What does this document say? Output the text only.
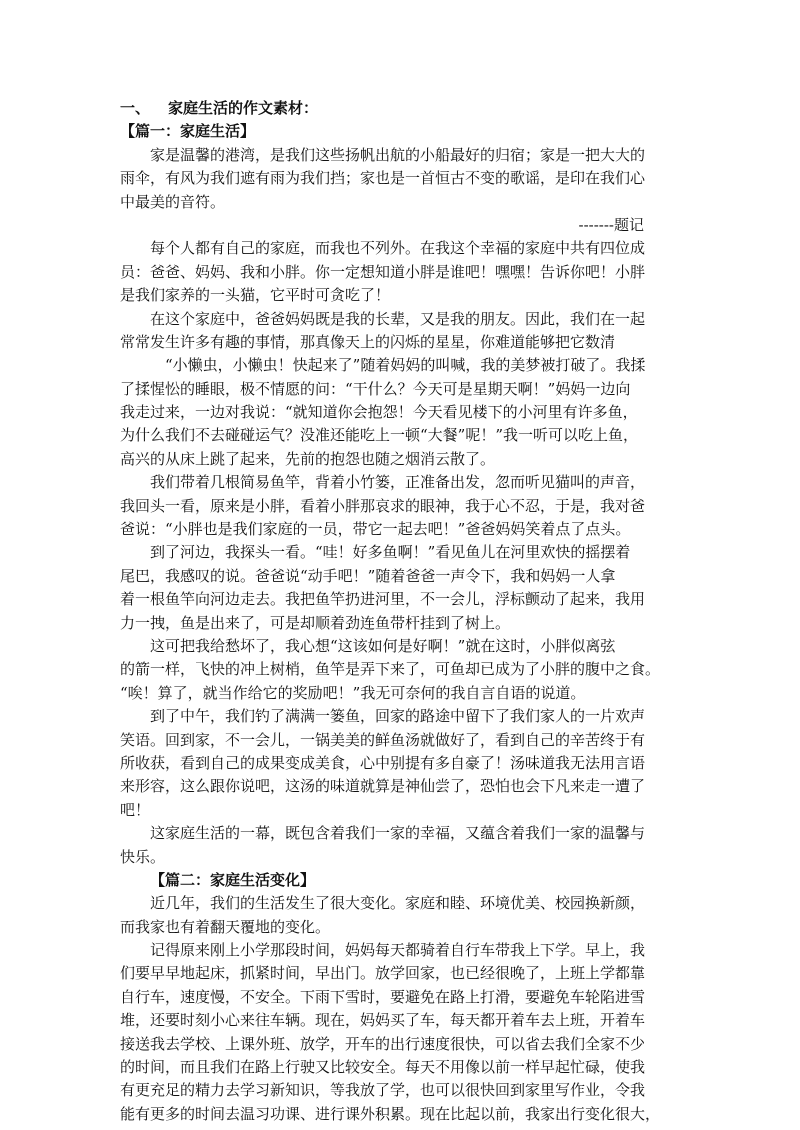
一、 家庭生活的作文素材：
【篇一：家庭生活】
家是温馨的港湾，是我们这些扬帆出航的小船最好的归宿；家是一把大大的
雨伞，有风为我们遮有雨为我们挡；家也是一首恒古不变的歌谣，是印在我们心
中最美的音符。
-------题记
每个人都有自己的家庭，而我也不列外。在我这个幸福的家庭中共有四位成
员：爸爸、妈妈、我和小胖。你一定想知道小胖是谁吧！嘿嘿！告诉你吧！小胖
是我们家养的一头猫，它平时可贪吃了！
在这个家庭中，爸爸妈妈既是我的长辈，又是我的朋友。因此，我们在一起
常常发生许多有趣的事情，那真像天上的闪烁的星星，你难道能够把它数清
“小懒虫，小懒虫！快起来了”随着妈妈的叫喊，我的美梦被打破了。我揉
了揉惺忪的睡眼，极不情愿的问：“干什么？今天可是星期天啊！”妈妈一边向
我走过来，一边对我说：“就知道你会抱怨！今天看见楼下的小河里有许多鱼，
为什么我们不去碰碰运气？没准还能吃上一顿“大餐”呢！”我一听可以吃上鱼，
高兴的从床上跳了起来，先前的抱怨也随之烟消云散了。
我们带着几根简易鱼竿，背着小竹篓，正准备出发，忽而听见猫叫的声音，
我回头一看，原来是小胖，看着小胖那哀求的眼神，我于心不忍，于是，我对爸
爸说：“小胖也是我们家庭的一员，带它一起去吧！”爸爸妈妈笑着点了点头。
到了河边，我探头一看。“哇！好多鱼啊！”看见鱼儿在河里欢快的摇摆着
尾巴，我感叹的说。爸爸说“动手吧！”随着爸爸一声令下，我和妈妈一人拿
着一根鱼竿向河边走去。我把鱼竿扔进河里，不一会儿，浮标颤动了起来，我用
力一拽，鱼是出来了，可是却顺着劲连鱼带杆挂到了树上。
这可把我给愁坏了，我心想“这该如何是好啊！”就在这时，小胖似离弦
的箭一样，飞快的冲上树梢，鱼竿是弄下来了，可鱼却已成为了小胖的腹中之食。
“唉！算了，就当作给它的奖励吧！”我无可奈何的我自言自语的说道。
到了中午，我们钓了满满一篓鱼，回家的路途中留下了我们家人的一片欢声
笑语。回到家，不一会儿，一锅美美的鲜鱼汤就做好了，看到自己的辛苦终于有
所收获，看到自己的成果变成美食，心中别提有多自豪了！汤味道我无法用言语
来形容，这么跟你说吧，这汤的味道就算是神仙尝了，恐怕也会下凡来走一遭了
吧！
这家庭生活的一幕，既包含着我们一家的幸福，又蕴含着我们一家的温馨与
快乐。
【篇二：家庭生活变化】
近几年，我们的生活发生了很大变化。家庭和睦、环境优美、校园换新颜，
而我家也有着翻天覆地的变化。
记得原来刚上小学那段时间，妈妈每天都骑着自行车带我上下学。早上，我
们要早早地起床，抓紧时间，早出门。放学回家，也已经很晚了，上班上学都靠
自行车，速度慢，不安全。下雨下雪时，要避免在路上打滑，要避免车轮陷进雪
堆，还要时刻小心来往车辆。现在，妈妈买了车，每天都开着车去上班，开着车
接送我去学校、上课外班、放学，开车的出行速度很快，可以省去我们全家不少
的时间，而且我们在路上行驶又比较安全。每天不用像以前一样早起忙碌，使我
有更充足的精力去学习新知识，等我放了学，也可以很快回到家里写作业，令我
能有更多的时间去温习功课、进行课外积累。现在比起以前，我家出行变化很大，
